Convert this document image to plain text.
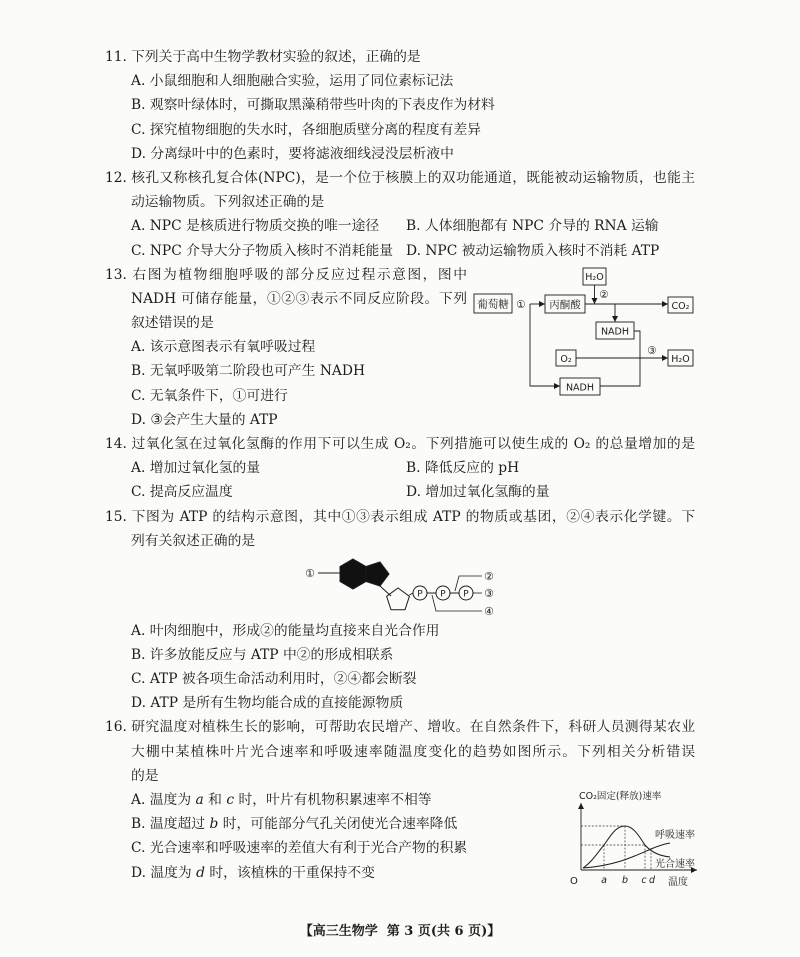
11. 下列关于高中生物学教材实验的叙述，正确的是
A. 小鼠细胞和人细胞融合实验，运用了同位素标记法
B. 观察叶绿体时，可撕取黑藻稍带些叶肉的下表皮作为材料
C. 探究植物细胞的失水时，各细胞质壁分离的程度有差异
D. 分离绿叶中的色素时，要将滤液细线浸没层析液中
12. 核孔又称核孔复合体(NPC)，是一个位于核膜上的双功能通道，既能被动运输物质，也能主
动运输物质。下列叙述正确的是
A. NPC 是核质进行物质交换的唯一途径 B. 人体细胞都有 NPC 介导的 RNA 运输
C. NPC 介导大分子物质入核时不消耗能量 D. NPC 被动运输物质入核时不消耗 ATP
13. 右图为植物细胞呼吸的部分反应过程示意图，图中
NADH 可储存能量，①②③表示不同反应阶段。下列
叙述错误的是
A. 该示意图表示有氧呼吸过程
B. 无氧呼吸第二阶段也可产生 NADH
C. 无氧条件下，①可进行
D. ③会产生大量的 ATP
14. 过氧化氢在过氧化氢酶的作用下可以生成 O₂。下列措施可以使生成的 O₂ 的总量增加的是
A. 增加过氧化氢的量	B. 降低反应的 pH
C. 提高反应温度	D. 增加过氧化氢酶的量
15. 下图为 ATP 的结构示意图，其中①③表示组成 ATP 的物质或基团，②④表示化学键。下
列有关叙述正确的是
A. 叶肉细胞中，形成②的能量均直接来自光合作用
B. 许多放能反应与 ATP 中②的形成相联系
C. ATP 被各项生命活动利用时，②④都会断裂
D. ATP 是所有生物均能合成的直接能源物质
16. 研究温度对植株生长的影响，可帮助农民增产、增收。在自然条件下，科研人员测得某农业
大棚中某植株叶片光合速率和呼吸速率随温度变化的趋势如图所示。下列相关分析错误
的是
A. 温度为 a 和 c 时，叶片有机物积累速率不相等
B. 温度超过 b 时，可能部分气孔关闭使光合速率降低
C. 光合速率和呼吸速率的差值大有利于光合产物的积累
D. 温度为 d 时，该植株的干重保持不变
葡萄糖 ① 丙酮酸	CO₂
H₂O
②
NADH
O₂
③
H₂O
NADH
①
P P P
②
③
④
CO₂固定(释放)速率
呼吸速率
光合速率
O a b c d 温度
【高三生物学  第 3 页(共 6 页)】
